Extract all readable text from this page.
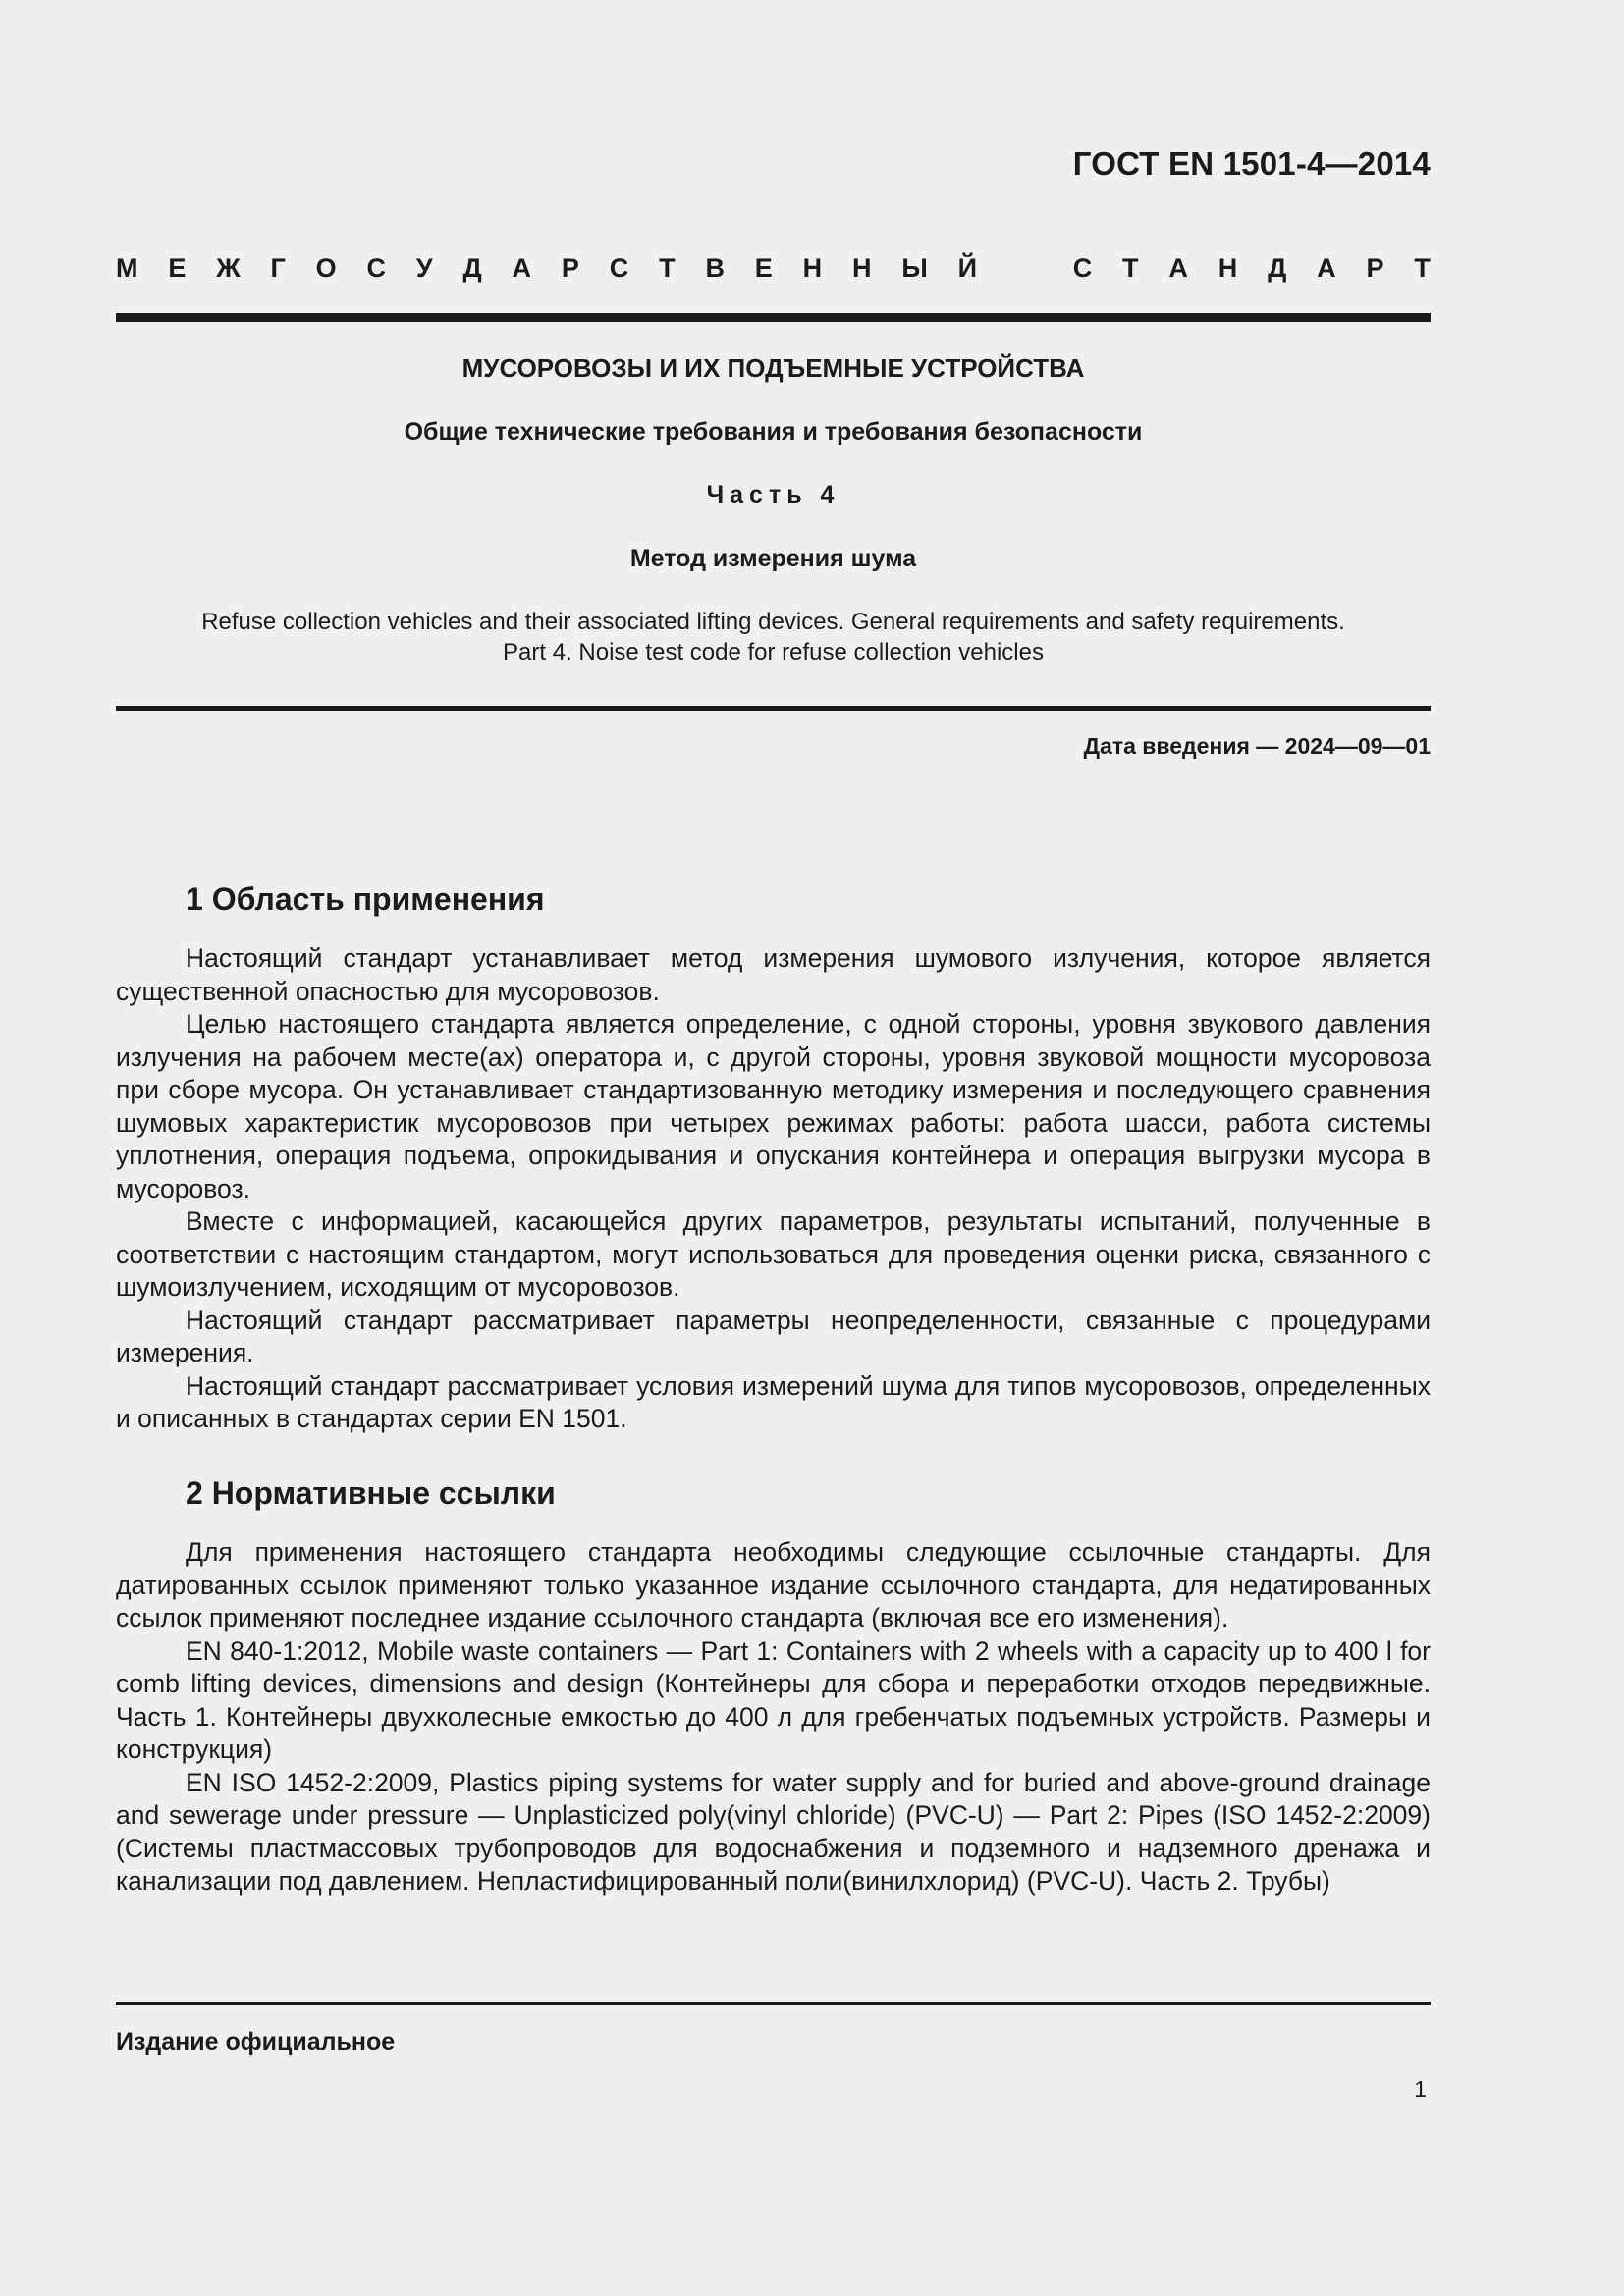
ГОСТ EN 1501-4—2014
М Е Ж Г О С У Д А Р С Т В Е Н Н Ы Й	С Т А Н Д А Р Т
МУСОРОВОЗЫ И ИХ ПОДЪЕМНЫЕ УСТРОЙСТВА
Общие технические требования и требования безопасности
Часть 4
Метод измерения шума
Refuse collection vehicles and their associated lifting devices. General requirements and safety requirements.
Part 4. Noise test code for refuse collection vehicles
Дата введения — 2024—09—01
1 Область применения

Настоящий стандарт устанавливает метод измерения шумового излучения, которое является существенной опасностью для мусоровозов.

Целью настоящего стандарта является определение, с одной стороны, уровня звукового давления излучения на рабочем месте(ах) оператора и, с другой стороны, уровня звуковой мощности мусоровоза при сборе мусора. Он устанавливает стандартизованную методику измерения и последующего сравнения шумовых характеристик мусоровозов при четырех режимах работы: работа шасси, работа системы уплотнения, операция подъема, опрокидывания и опускания контейнера и операция выгрузки мусора в мусоровоз.

Вместе с информацией, касающейся других параметров, результаты испытаний, полученные в соответствии с настоящим стандартом, могут использоваться для проведения оценки риска, связанного с шумоизлучением, исходящим от мусоровозов.

Настоящий стандарт рассматривает параметры неопределенности, связанные с процедурами измерения.

Настоящий стандарт рассматривает условия измерений шума для типов мусоровозов, определенных и описанных в стандартах серии EN 1501.

2 Нормативные ссылки

Для применения настоящего стандарта необходимы следующие ссылочные стандарты. Для датированных ссылок применяют только указанное издание ссылочного стандарта, для недатированных ссылок применяют последнее издание ссылочного стандарта (включая все его изменения).

EN 840-1:2012, Mobile waste containers — Part 1: Containers with 2 wheels with a capacity up to 400 l for comb lifting devices, dimensions and design (Контейнеры для сбора и переработки отходов передвижные. Часть 1. Контейнеры двухколесные емкостью до 400 л для гребенчатых подъемных устройств. Размеры и конструкция)

EN ISO 1452-2:2009, Plastics piping systems for water supply and for buried and above-ground drainage and sewerage under pressure — Unplasticized poly(vinyl chloride) (PVC-U) — Part 2: Pipes (ISO 1452-2:2009) (Системы пластмассовых трубопроводов для водоснабжения и подземного и надземного дренажа и канализации под давлением. Непластифицированный поли(винилхлорид) (PVC-U). Часть 2. Трубы)

Издание официальное
1
